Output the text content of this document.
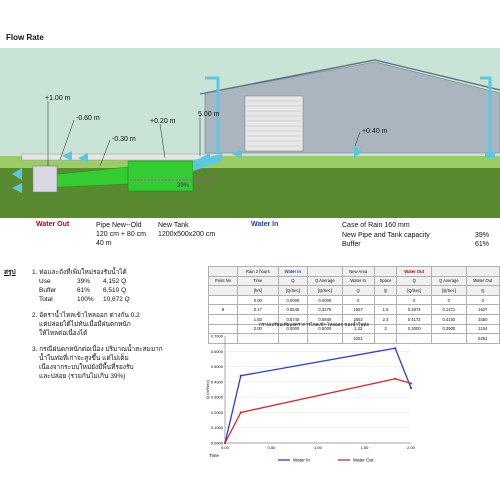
Flow Rate
+1.00 m
-0.60 m
-0.30 m
+0.20 m
5.00 m
+0.40 m
39%
Water Out	Pipe New--Old
120 cm + 80 cm
40 m
New Tank
1200x500x200 cm
Water In	Case of Rain 160 mm
New Pipe and Tank capacity	39%
Buffer	61%
สรุป	1. ท่อและถังที่เพิ่มใหม่รองรับน้ำได้
Use	39%	4,152 Q
Buffer	61%	6,510 Q
Total	100%	10,672 Q
2. อัตราน้ำไหลเข้าไหลออก ต่างกัน 0.2
แต่ปล่อยได้ไม่ทันเมื่อมีฝนตกหนัก
ให้ไหลต่อเนื่องได้
3. กรณีฝนตกหนักต่อเนื่อง ปริมาณน้ำสะสมมาก
น้ำในท่อที่เก่าจะสูงขึ้น แต่ไม่เต็ม
เนื่องจากระบบใหม่ยังมีพื้นที่รองรับ
และปล่อย (รวมกันไม่เกิน 39%)
	Rain 2 hours	Water In		New Area		Water Out		
Point No	Time	Q	Q Average	Water In	Space	Q	Q Average	Water Out
	[hrs]	[Q/Sec]	[Q/Sec]	Q	Q	[Q/Sec]	[Q/Sec]	Q
	0.00	0.0000	0.0000	0		0	0	0
8	0.17	0.5545	0.3275	1557	1.6	0.2974	0.1471	1627
	1.83	0.5740	0.5940	2552	2.4	0.4172	0.4193	3450
	2.00	0.0000	0.5000	1.33	3	0.3000	0.3900	1154
				5251				5251
กราฟเปรียบเทียบอัตราการไหลเข้า-ไหลออก ของน้ำในท่อ
0.0000
0.1000
0.2000
0.3000
0.4000
0.5000
0.6000
0.7000
0.00	0.50	1.00	1.50	2.00
Time
Q (m³/sec)
Water In	Water Out
